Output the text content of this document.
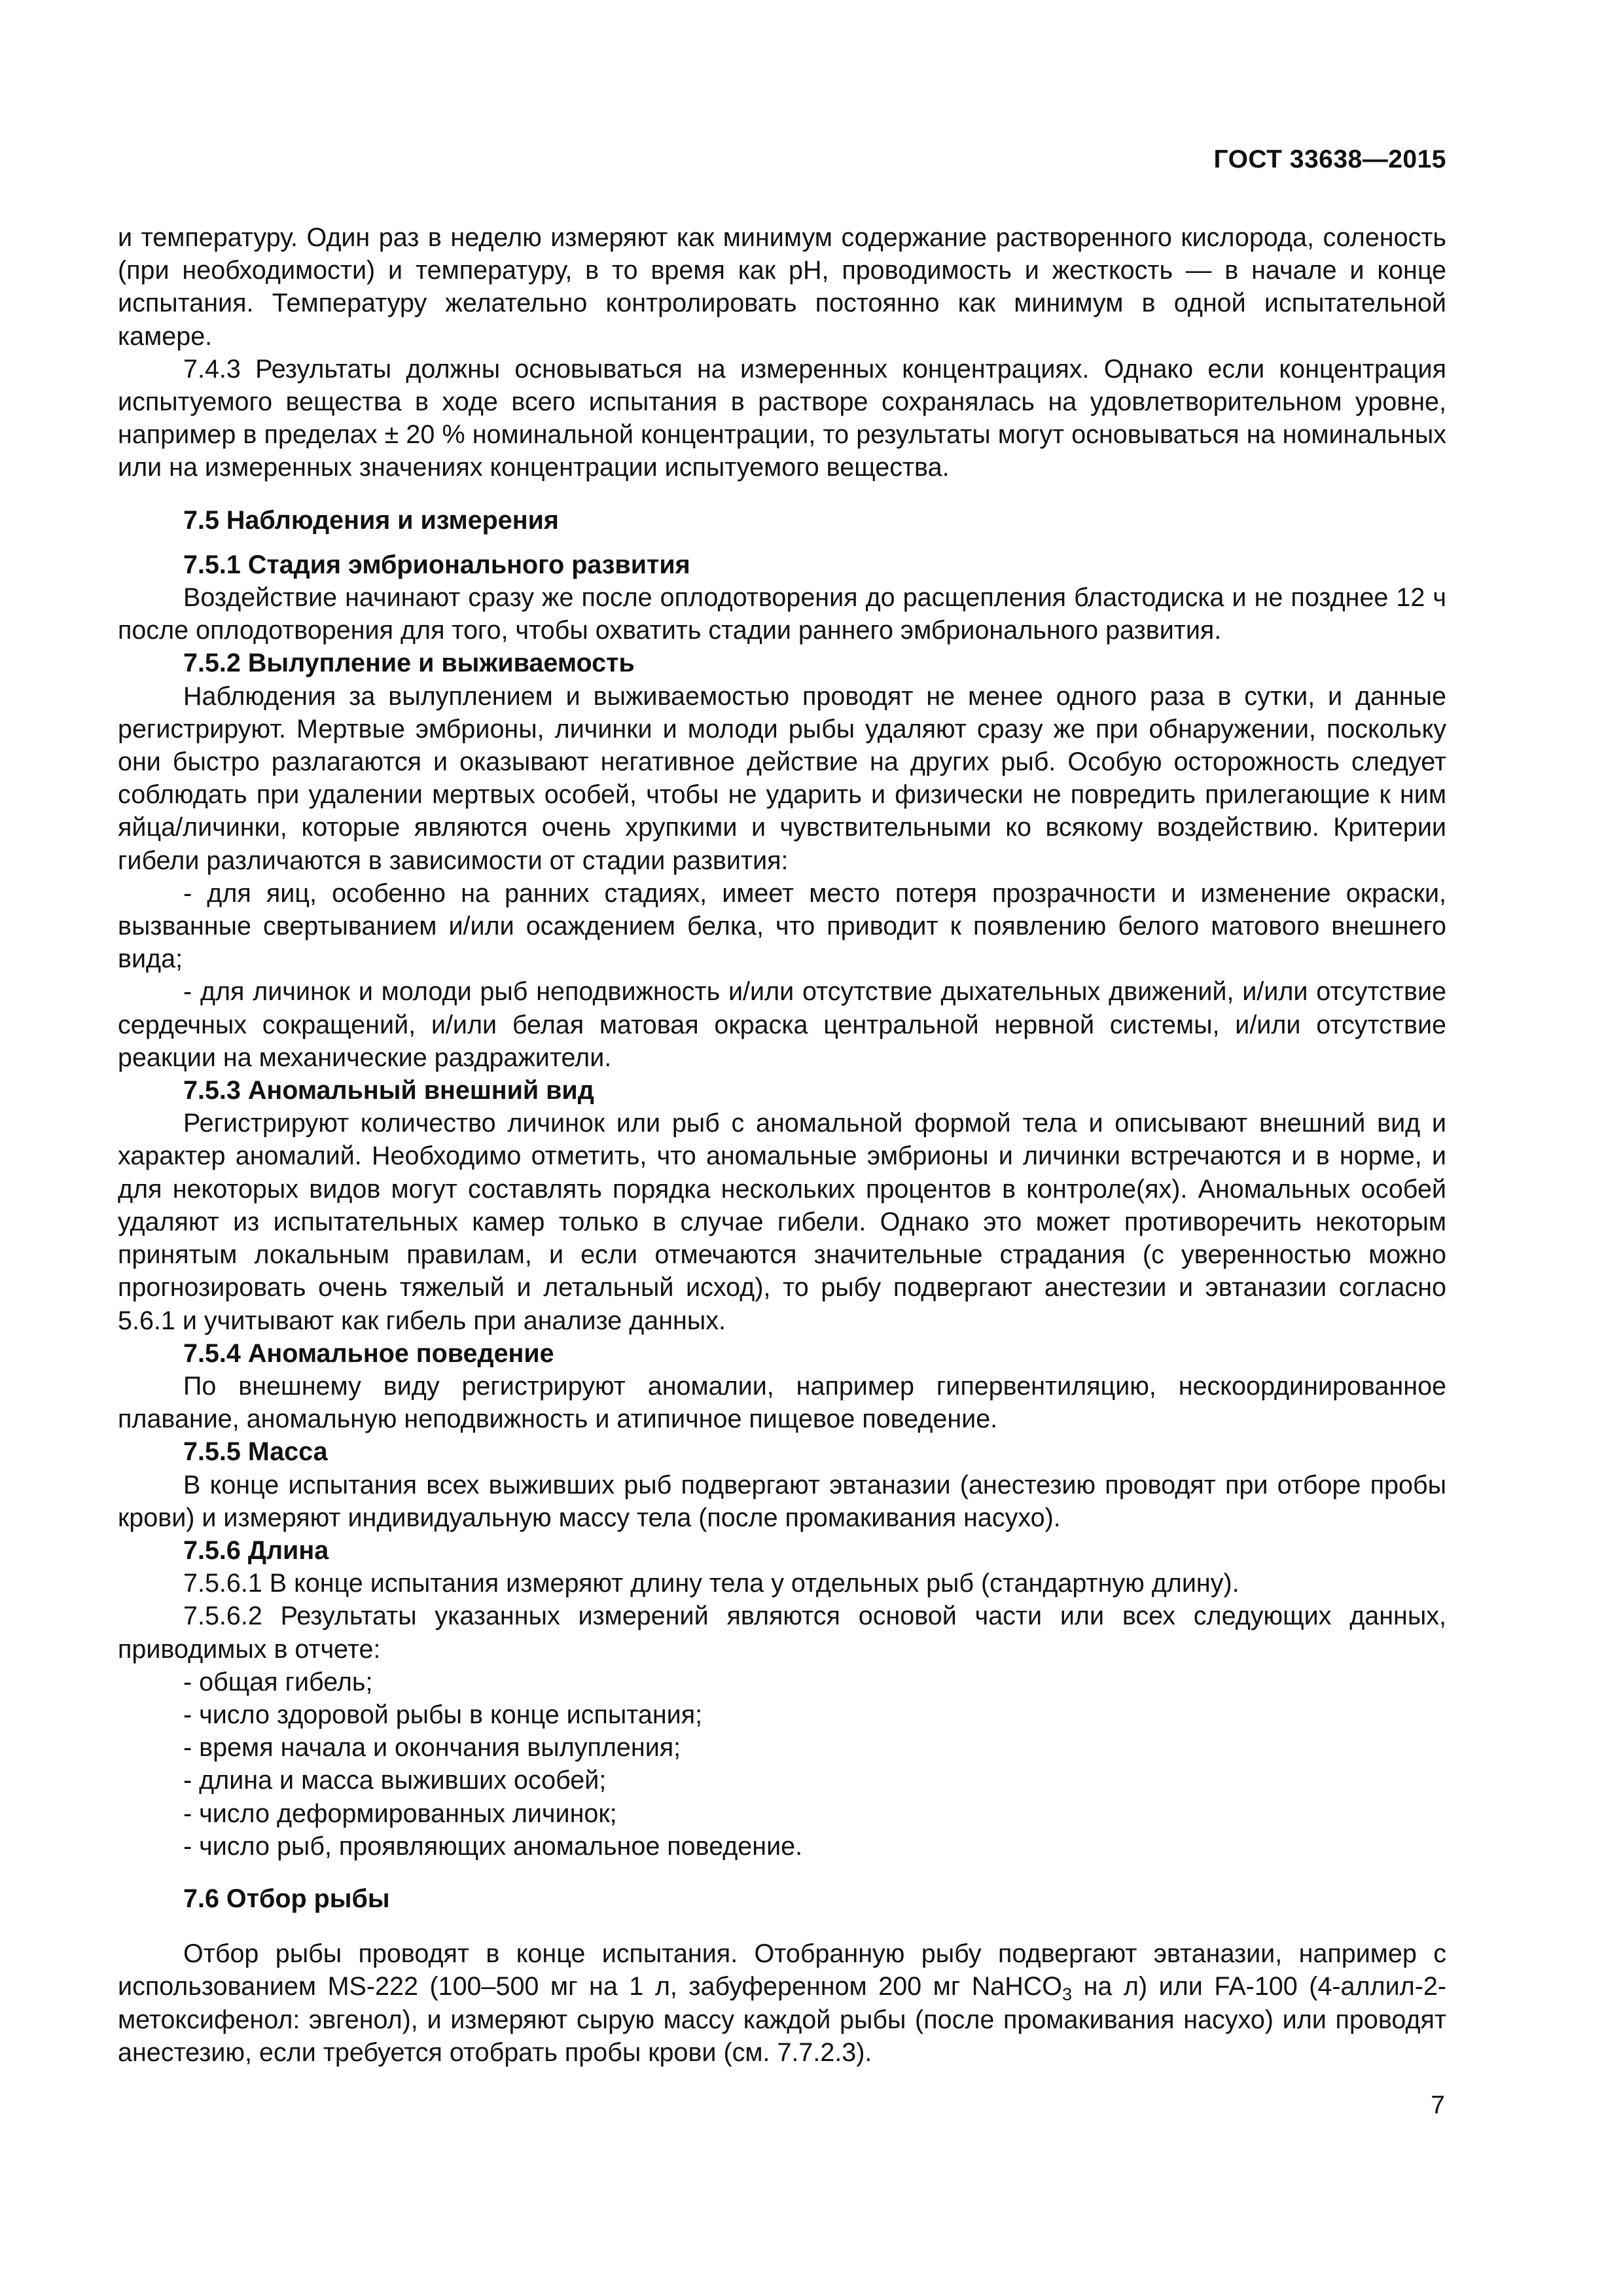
ГОСТ 33638—2015

и температуру. Один раз в неделю измеряют как минимум содержание растворенного кислорода, соленость (при необходимости) и температуру, в то время как pH, проводимость и жесткость — в начале и конце испытания. Температуру желательно контролировать постоянно как минимум в одной испытательной камере.

7.4.3 Результаты должны основываться на измеренных концентрациях. Однако если концентрация испытуемого вещества в ходе всего испытания в растворе сохранялась на удовлетворительном уровне, например в пределах ± 20 % номинальной концентрации, то результаты могут основываться на номинальных или на измеренных значениях концентрации испытуемого вещества.

7.5 Наблюдения и измерения
7.5.1 Стадия эмбрионального развития

Воздействие начинают сразу же после оплодотворения до расщепления бластодиска и не позднее 12 ч после оплодотворения для того, чтобы охватить стадии раннего эмбрионального развития.

7.5.2 Вылупление и выживаемость

Наблюдения за вылуплением и выживаемостью проводят не менее одного раза в сутки, и данные регистрируют. Мертвые эмбрионы, личинки и молоди рыбы удаляют сразу же при обнаружении, поскольку они быстро разлагаются и оказывают негативное действие на других рыб. Особую осторожность следует соблюдать при удалении мертвых особей, чтобы не ударить и физически не повредить прилегающие к ним яйца/личинки, которые являются очень хрупкими и чувствительными ко всякому воздействию. Критерии гибели различаются в зависимости от стадии развития:

- для яиц, особенно на ранних стадиях, имеет место потеря прозрачности и изменение окраски, вызванные свертыванием и/или осаждением белка, что приводит к появлению белого матового внешнего вида;

- для личинок и молоди рыб неподвижность и/или отсутствие дыхательных движений, и/или отсутствие сердечных сокращений, и/или белая матовая окраска центральной нервной системы, и/или отсутствие реакции на механические раздражители.

7.5.3 Аномальный внешний вид

Регистрируют количество личинок или рыб с аномальной формой тела и описывают внешний вид и характер аномалий. Необходимо отметить, что аномальные эмбрионы и личинки встречаются и в норме, и для некоторых видов могут составлять порядка нескольких процентов в контроле(ях). Аномальных особей удаляют из испытательных камер только в случае гибели. Однако это может противоречить некоторым принятым локальным правилам, и если отмечаются значительные страдания (с уверенностью можно прогнозировать очень тяжелый и летальный исход), то рыбу подвергают анестезии и эвтаназии согласно 5.6.1 и учитывают как гибель при анализе данных.

7.5.4 Аномальное поведение

По внешнему виду регистрируют аномалии, например гипервентиляцию, нескоординированное плавание, аномальную неподвижность и атипичное пищевое поведение.

7.5.5 Масса

В конце испытания всех выживших рыб подвергают эвтаназии (анестезию проводят при отборе пробы крови) и измеряют индивидуальную массу тела (после промакивания насухо).

7.5.6 Длина

7.5.6.1 В конце испытания измеряют длину тела у отдельных рыб (стандартную длину).

7.5.6.2 Результаты указанных измерений являются основой части или всех следующих данных, приводимых в отчете:

- общая гибель;

- число здоровой рыбы в конце испытания;

- время начала и окончания вылупления;

- длина и масса выживших особей;

- число деформированных личинок;

- число рыб, проявляющих аномальное поведение.

7.6 Отбор рыбы

Отбор рыбы проводят в конце испытания. Отобранную рыбу подвергают эвтаназии, например с использованием MS-222 (100–500 мг на 1 л, забуференном 200 мг NaHCO$_3$ на л) или FA-100 (4-аллил-2-метоксифенол: эвгенол), и измеряют сырую массу каждой рыбы (после промакивания насухо) или проводят анестезию, если требуется отобрать пробы крови (см. 7.7.2.3).

7
